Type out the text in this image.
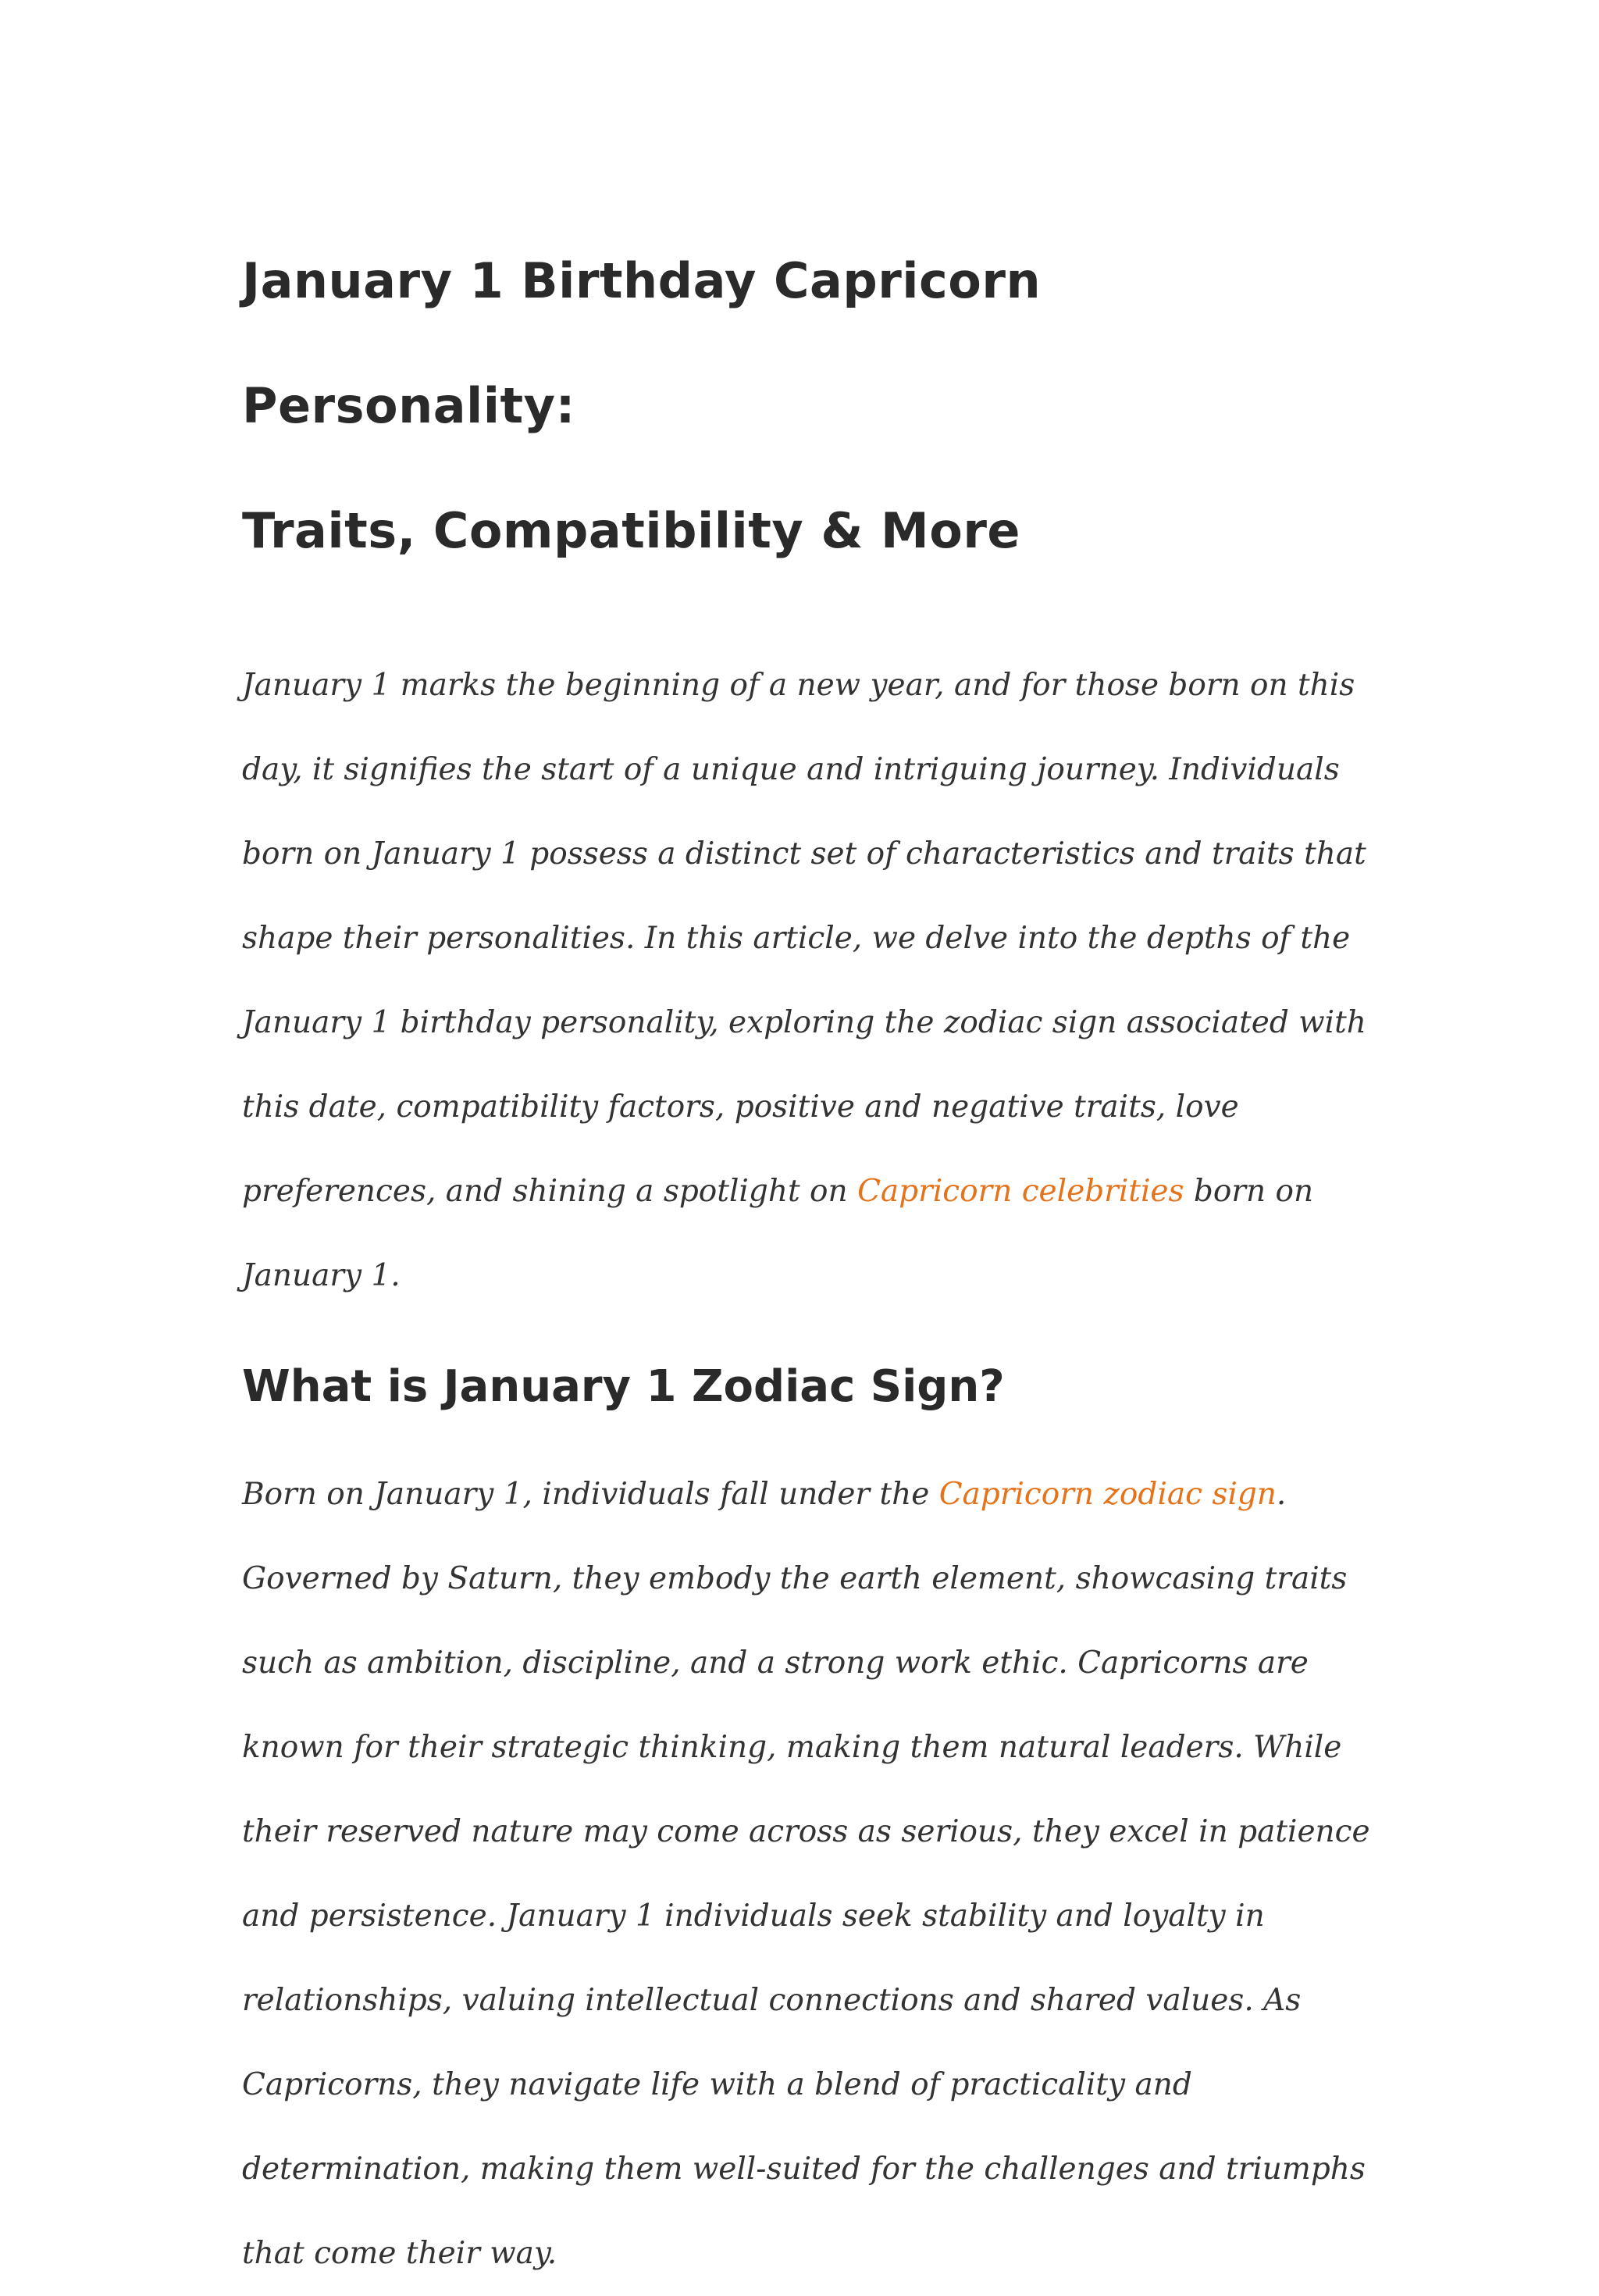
January 1 Birthday Capricorn Personality:
Traits, Compatibility & More

January 1 marks the beginning of a new year, and for those born on this day, it signifies the start of a unique and intriguing journey. Individuals born on January 1 possess a distinct set of characteristics and traits that shape their personalities. In this article, we delve into the depths of the January 1 birthday personality, exploring the zodiac sign associated with this date, compatibility factors, positive and negative traits, love preferences, and shining a spotlight on Capricorn celebrities born on January 1.

What is January 1 Zodiac Sign?

Born on January 1, individuals fall under the Capricorn zodiac sign. Governed by Saturn, they embody the earth element, showcasing traits such as ambition, discipline, and a strong work ethic. Capricorns are known for their strategic thinking, making them natural leaders. While their reserved nature may come across as serious, they excel in patience and persistence. January 1 individuals seek stability and loyalty in relationships, valuing intellectual connections and shared values. As Capricorns, they navigate life with a blend of practicality and determination, making them well-suited for the challenges and triumphs that come their way.
